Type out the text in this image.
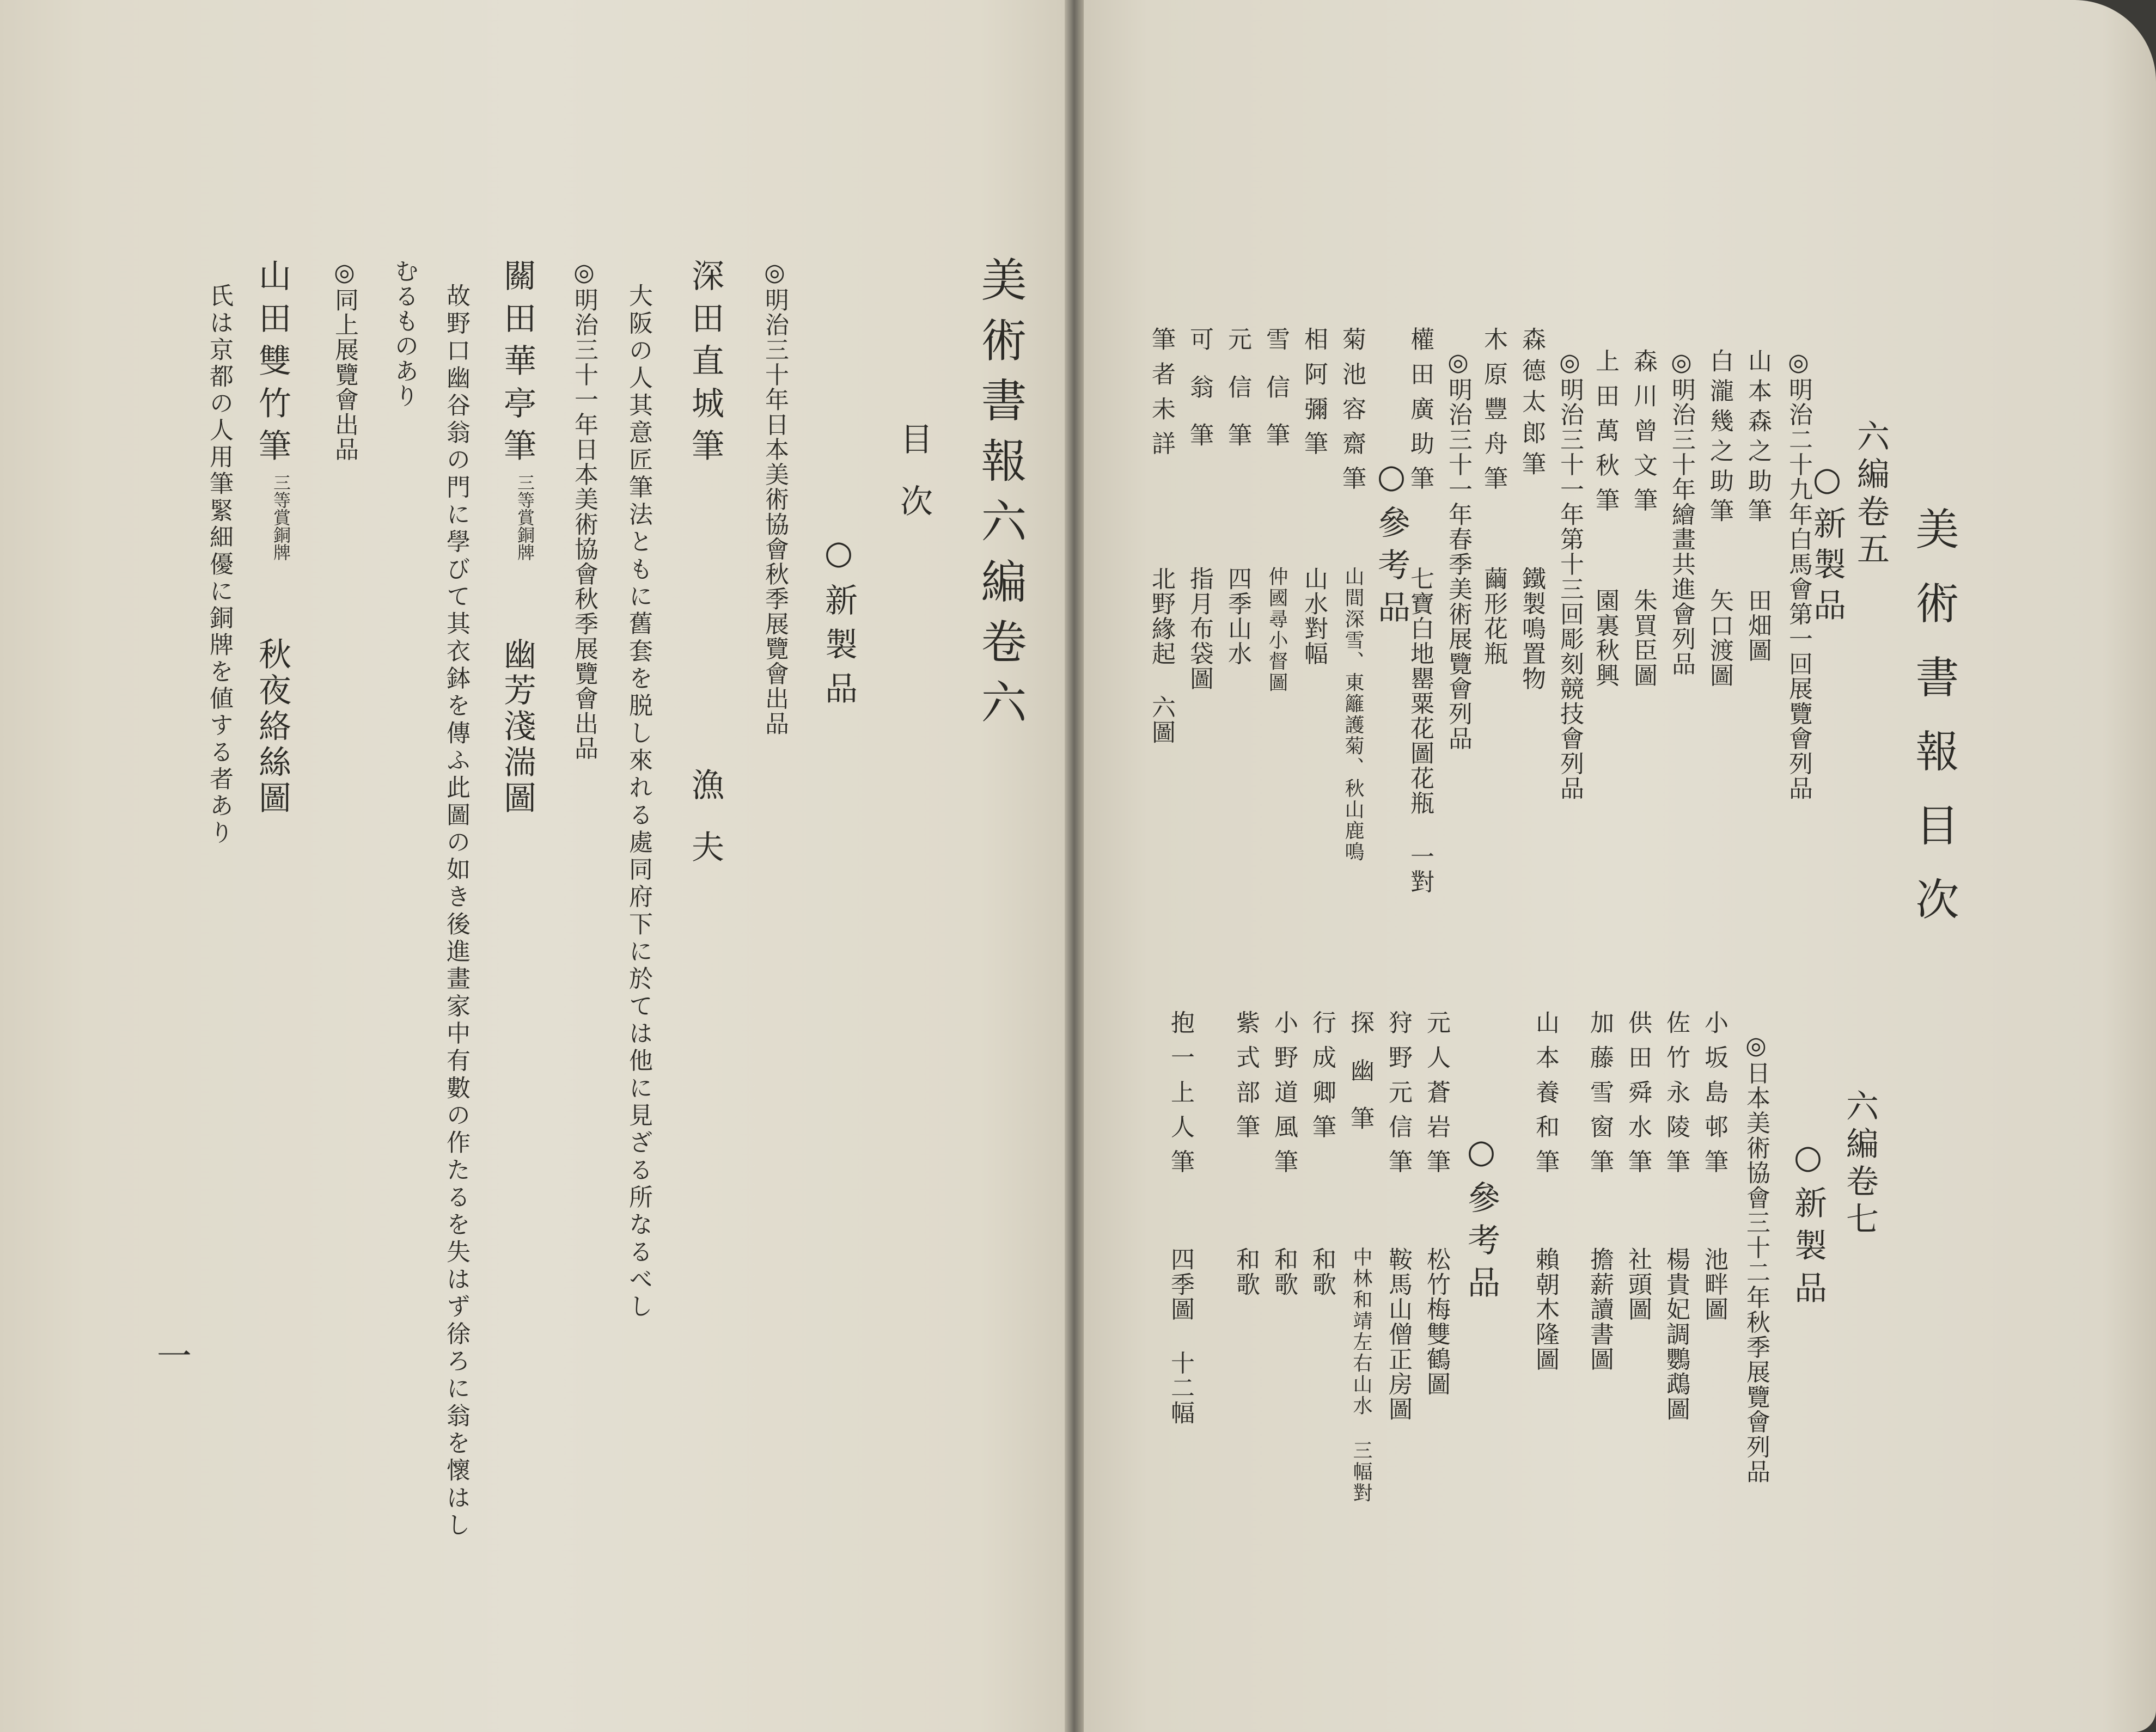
美術書報六編卷六
目次
○新製品
◎明治三十年日本美術協會秋季展覽會出品
深田直城筆
漁夫
大阪の人其意匠筆法ともに舊套を脱し來れる處同府下に於ては他に見ざる所なるべし
◎明治三十一年日本美術協會秋季展覽會出品
關田華亭筆
三等賞銅牌
幽芳淺湍圖
故野口幽谷翁の門に學びて其衣鉢を傳ふ此圖の如き後進畫家中有數の作たるを失はず徐ろに翁を懷はし
むるものあり
◎同上展覽會出品
山田雙竹筆
三等賞銅牌
秋夜絡絲圖
氏は京都の人用筆緊細優に銅牌を値する者あり
一
美術書報目次
六編卷五
○新製品
◎明治二十九年白馬會第一回展覽會列品
山本森之助筆
田畑圖
白瀧幾之助筆
矢口渡圖
◎明治三十年繪畫共進會列品
森川曾文筆
朱買臣圖
上田萬秋筆
園裏秋興
◎明治三十一年第十三回彫刻競技會列品
森德太郎筆
鐵製鳴置物
木原豐舟筆
繭形花瓶
◎明治三十一年春季美術展覽會列品
權田廣助筆
七寶白地罌粟花圖花瓶 一對
○參考品
菊池容齋筆
山間深雪、東籬護菊、秋山鹿鳴
相阿彌筆
山水對幅
雪信筆
仲國尋小督圖
元信筆
四季山水
可翁筆
指月布袋圖
筆者未詳
北野緣起 六圖
六編卷七
○新製品
◎日本美術協會三十二年秋季展覽會列品
小坂島邨筆
池畔圖
佐竹永陵筆
楊貴妃調鸚鵡圖
供田舜水筆
社頭圖
加藤雪窗筆
擔薪讀書圖
山本養和筆
賴朝木隆圖
○參考品
元人蒼岩筆
松竹梅雙鶴圖
狩野元信筆
鞍馬山僧正房圖
探幽筆
中林和靖左右山水 三幅對
行成卿筆
和歌
小野道風筆
和歌
紫式部筆
和歌
抱一上人筆
四季圖 十二幅
